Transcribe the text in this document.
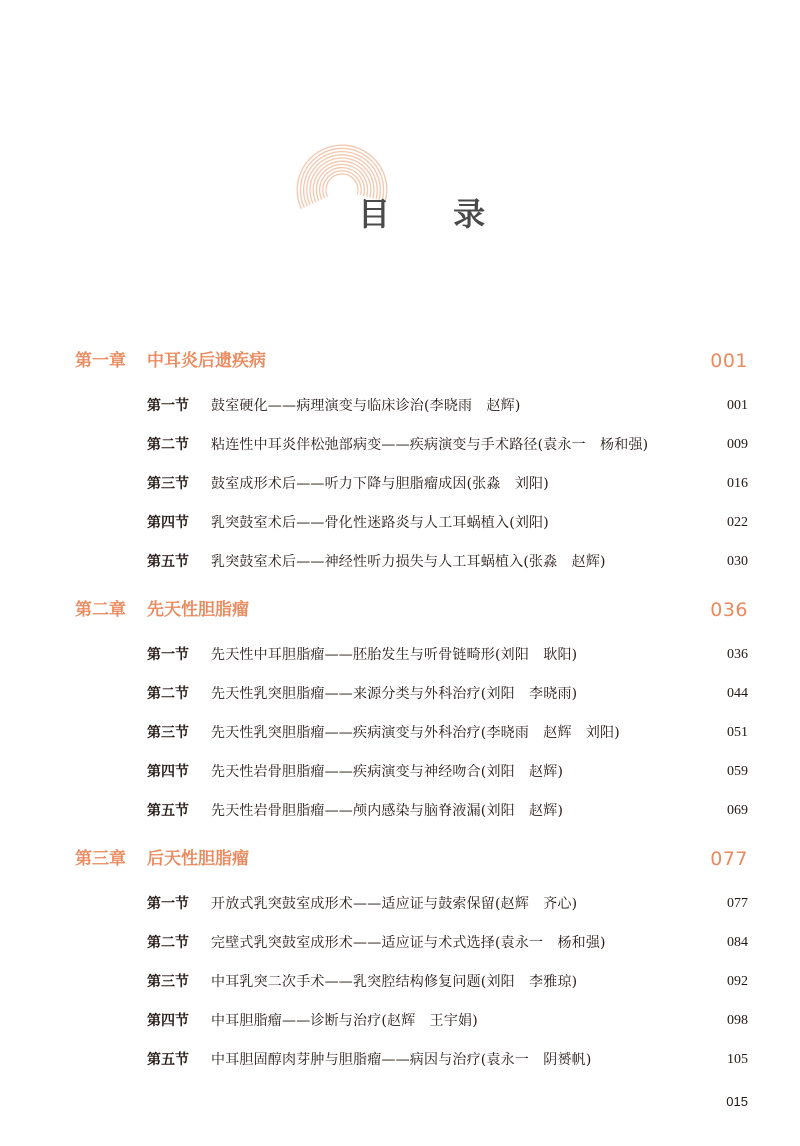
目 录
第一章 中耳炎后遗疾病	001
第一节 鼓室硬化——病理演变与临床诊治(李晓雨　赵辉)	001
第二节 粘连性中耳炎伴松弛部病变——疾病演变与手术路径(袁永一　杨和强)	009
第三节 鼓室成形术后——听力下降与胆脂瘤成因(张淼　刘阳)	016
第四节 乳突鼓室术后——骨化性迷路炎与人工耳蜗植入(刘阳)	022
第五节 乳突鼓室术后——神经性听力损失与人工耳蜗植入(张淼　赵辉)	030
第二章 先天性胆脂瘤	036
第一节 先天性中耳胆脂瘤——胚胎发生与听骨链畸形(刘阳　耿阳)	036
第二节 先天性乳突胆脂瘤——来源分类与外科治疗(刘阳　李晓雨)	044
第三节 先天性乳突胆脂瘤——疾病演变与外科治疗(李晓雨　赵辉　刘阳)	051
第四节 先天性岩骨胆脂瘤——疾病演变与神经吻合(刘阳　赵辉)	059
第五节 先天性岩骨胆脂瘤——颅内感染与脑脊液漏(刘阳　赵辉)	069
第三章 后天性胆脂瘤	077
第一节 开放式乳突鼓室成形术——适应证与鼓索保留(赵辉　齐心)	077
第二节 完壁式乳突鼓室成形术——适应证与术式选择(袁永一　杨和强)	084
第三节 中耳乳突二次手术——乳突腔结构修复问题(刘阳　李雅琼)	092
第四节 中耳胆脂瘤——诊断与治疗(赵辉　王宇娟)	098
第五节 中耳胆固醇肉芽肿与胆脂瘤——病因与治疗(袁永一　阴赟帆)	105
015
